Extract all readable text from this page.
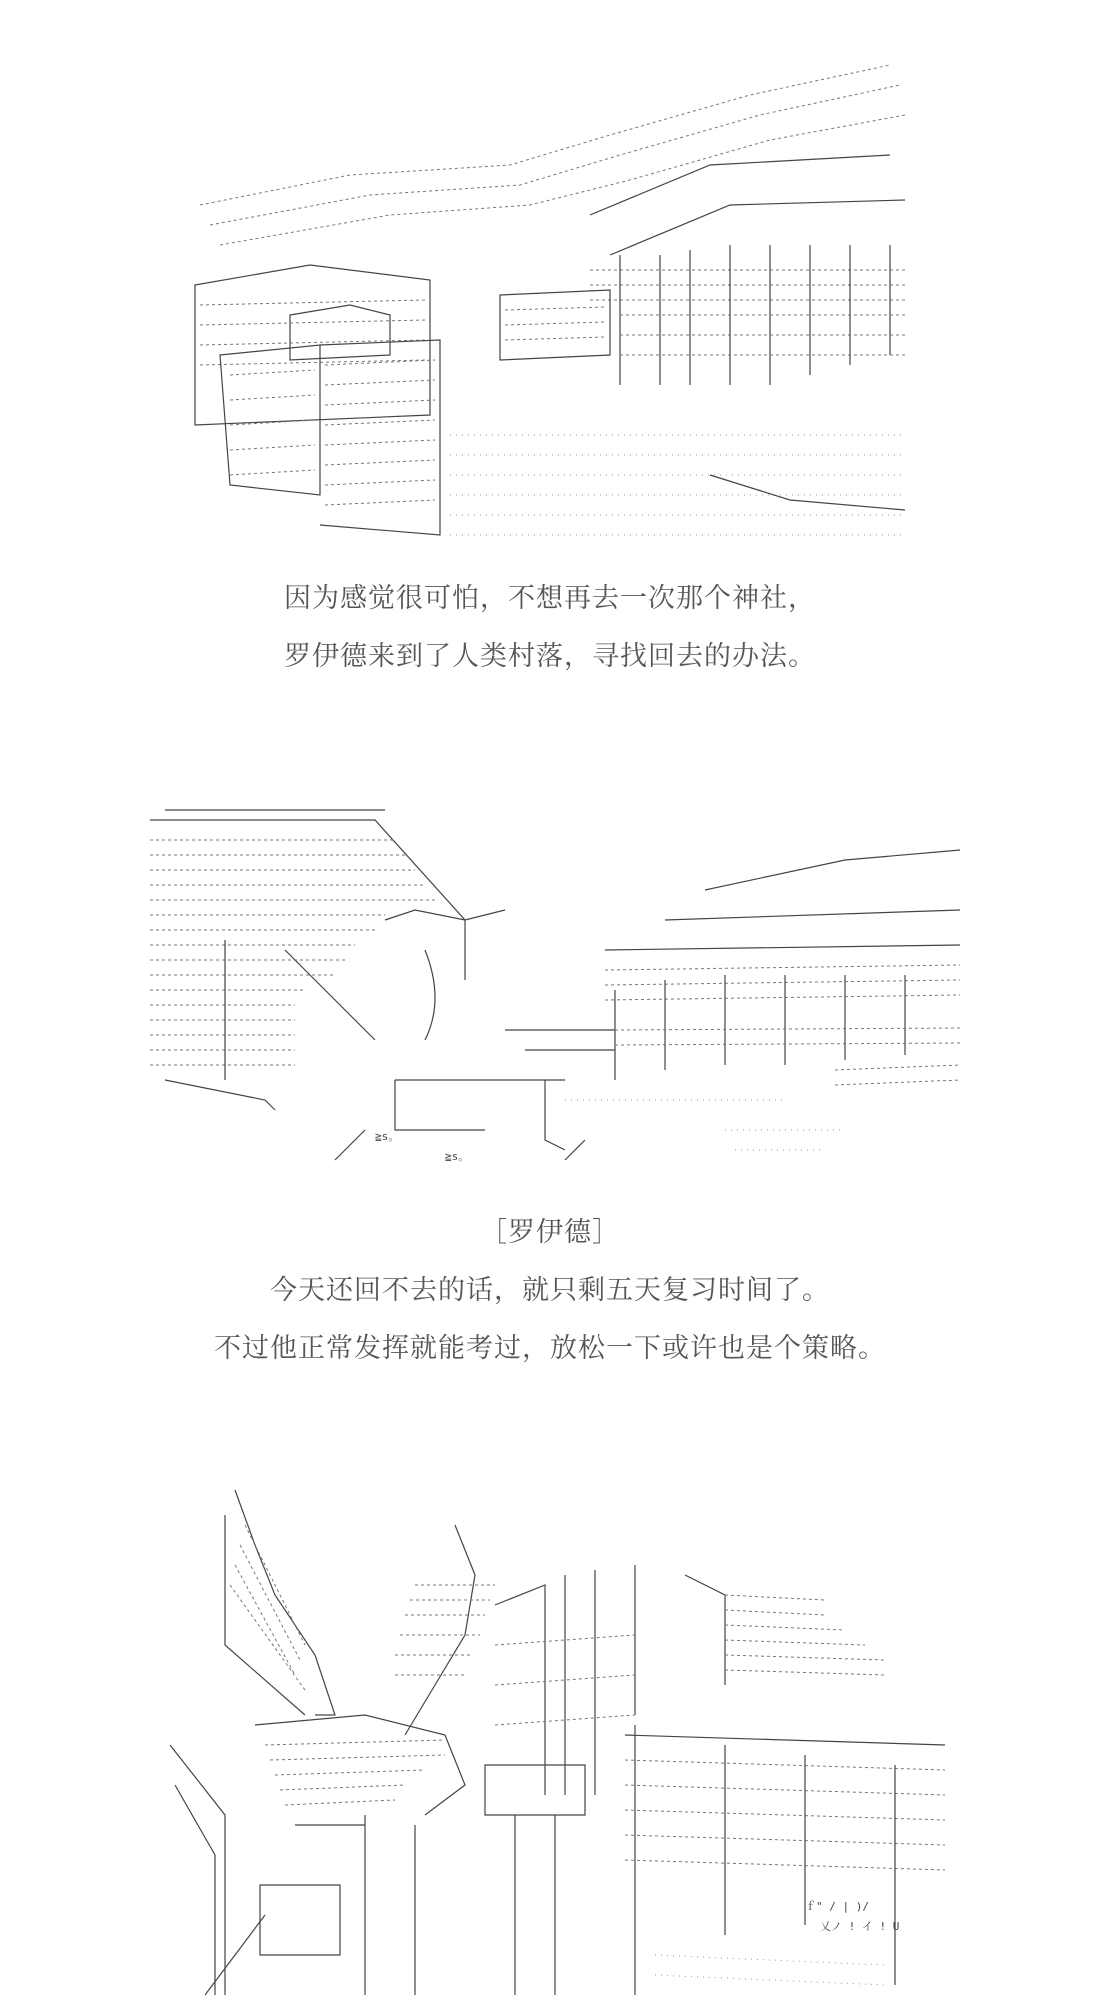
因为感觉很可怕，不想再去一次那个神社，
罗伊德来到了人类村落，寻找回去的办法。
≧s。
≧s。
［罗伊德］
今天还回不去的话，就只剩五天复习时间了。
不过他正常发挥就能考过，放松一下或许也是个策略。
ｆ" / | )/
乂ノ ! イ ! U
